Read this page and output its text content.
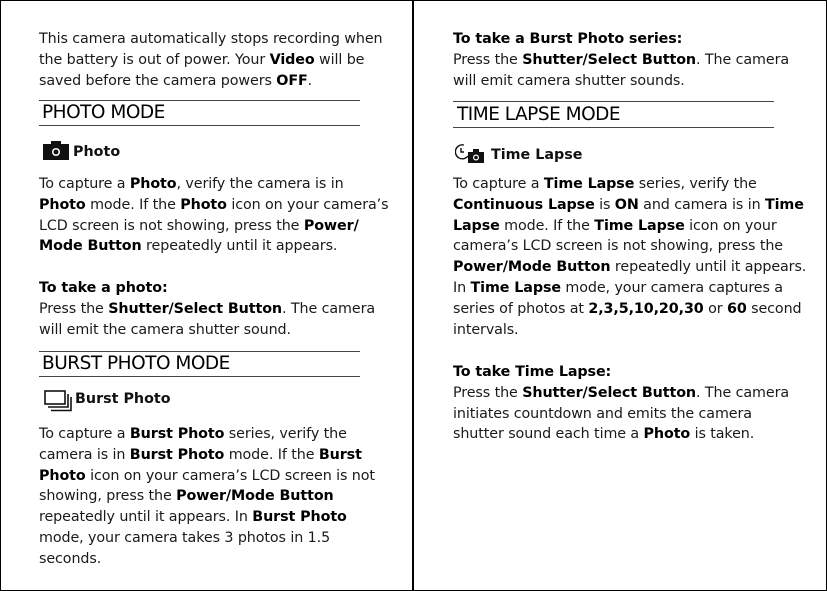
This camera automatically stops recording when
the battery is out of power. Your Video will be
saved before the camera powers OFF.
PHOTO MODE
Photo
To capture a Photo, verify the camera is in
Photo mode. If the Photo icon on your camera’s
LCD screen is not showing, press the Power/
Mode Button repeatedly until it appears.
To take a photo:
Press the Shutter/Select Button. The camera
will emit the camera shutter sound.
BURST PHOTO MODE
Burst Photo
To capture a Burst Photo series, verify the
camera is in Burst Photo mode. If the Burst
Photo icon on your camera’s LCD screen is not
showing, press the Power/Mode Button
repeatedly until it appears. In Burst Photo
mode, your camera takes 3 photos in 1.5
seconds.
To take a Burst Photo series:
Press the Shutter/Select Button. The camera
will emit camera shutter sounds.
TIME LAPSE MODE
Time Lapse
To capture a Time Lapse series, verify the
Continuous Lapse is ON and camera is in Time
Lapse mode. If the Time Lapse icon on your
camera’s LCD screen is not showing, press the
Power/Mode Button repeatedly until it appears.
In Time Lapse mode, your camera captures a
series of photos at 2,3,5,10,20,30 or 60 second
intervals.
To take Time Lapse:
Press the Shutter/Select Button. The camera
initiates countdown and emits the camera
shutter sound each time a Photo is taken.
